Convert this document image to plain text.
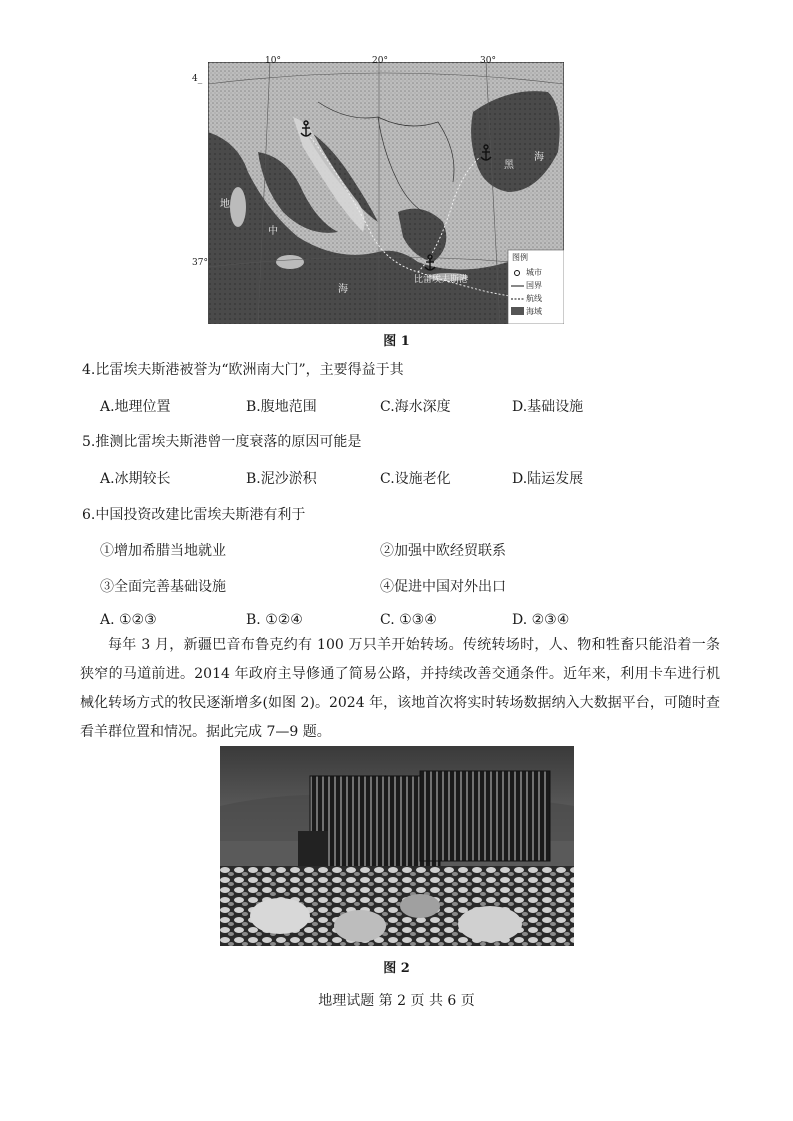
10°	20°	30°
4_
37°
地
中
海
黑
海
比雷埃夫斯港
图例
城市
国界
航线
海域
图 1
4.比雷埃夫斯港被誉为“欧洲南大门”，主要得益于其
A.地理位置	B.腹地范围	C.海水深度	D.基础设施
5.推测比雷埃夫斯港曾一度衰落的原因可能是
A.冰期较长	B.泥沙淤积	C.设施老化	D.陆运发展
6.中国投资改建比雷埃夫斯港有利于
①增加希腊当地就业	②加强中欧经贸联系
③全面完善基础设施	④促进中国对外出口
A. ①②③	B. ①②④	C. ①③④	D. ②③④
每年 3 月，新疆巴音布鲁克约有 100 万只羊开始转场。传统转场时，人、物和牲畜只能沿着一条狭窄的马道前进。2014 年政府主导修通了简易公路，并持续改善交通条件。近年来，利用卡车进行机械化转场方式的牧民逐渐增多(如图 2)。2024 年，该地首次将实时转场数据纳入大数据平台，可随时查看羊群位置和情况。据此完成 7—9 题。
图 2
地理试题 第 2 页 共 6 页
